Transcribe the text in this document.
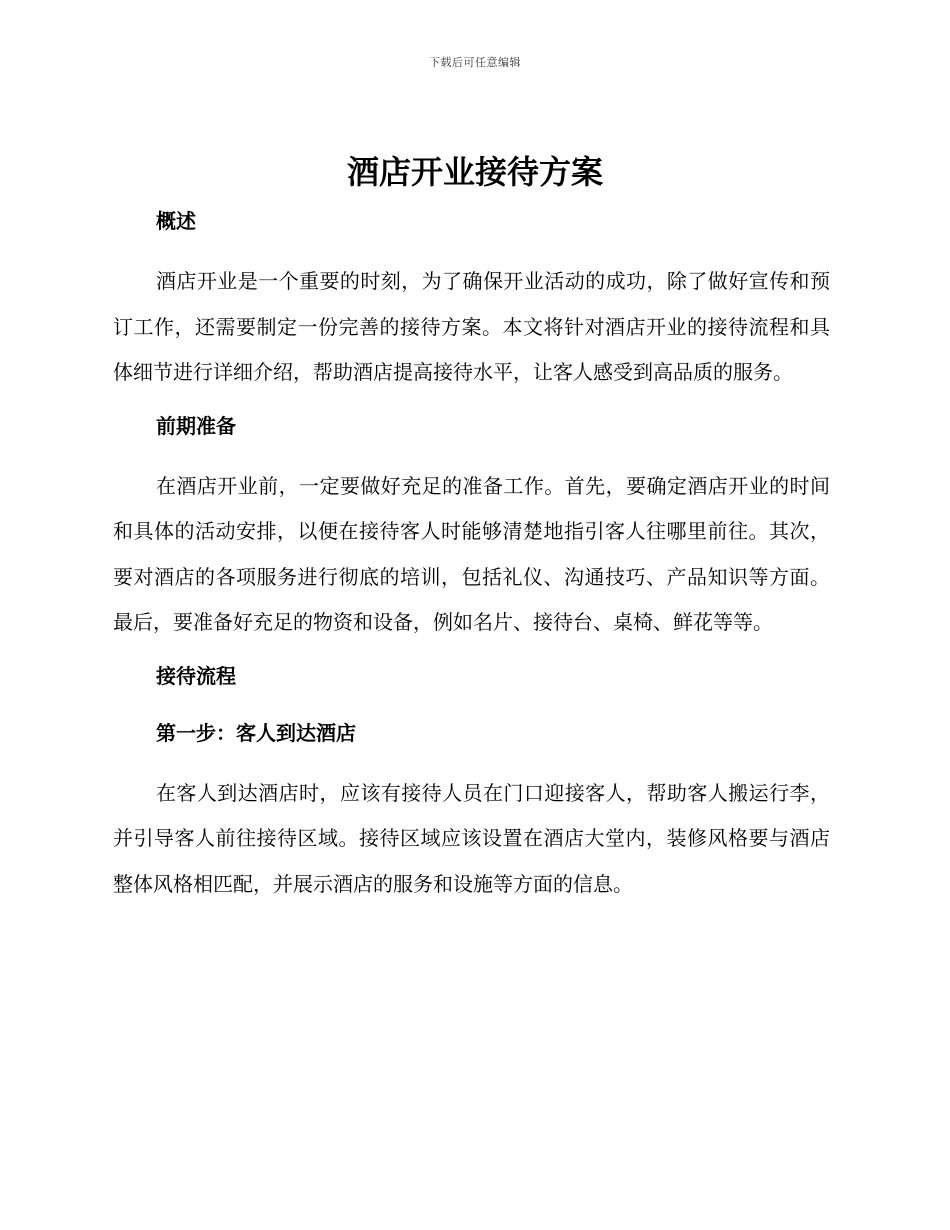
下载后可任意编辑
酒店开业接待方案
概述

酒店开业是一个重要的时刻，为了确保开业活动的成功，除了做好宣传和预订工作，还需要制定一份完善的接待方案。本文将针对酒店开业的接待流程和具体细节进行详细介绍，帮助酒店提高接待水平，让客人感受到高品质的服务。

前期准备

在酒店开业前，一定要做好充足的准备工作。首先，要确定酒店开业的时间和具体的活动安排，以便在接待客人时能够清楚地指引客人往哪里前往。其次，要对酒店的各项服务进行彻底的培训，包括礼仪、沟通技巧、产品知识等方面。最后，要准备好充足的物资和设备，例如名片、接待台、桌椅、鲜花等等。

接待流程
第一步：客人到达酒店

在客人到达酒店时，应该有接待人员在门口迎接客人，帮助客人搬运行李，并引导客人前往接待区域。接待区域应该设置在酒店大堂内，装修风格要与酒店整体风格相匹配，并展示酒店的服务和设施等方面的信息。
